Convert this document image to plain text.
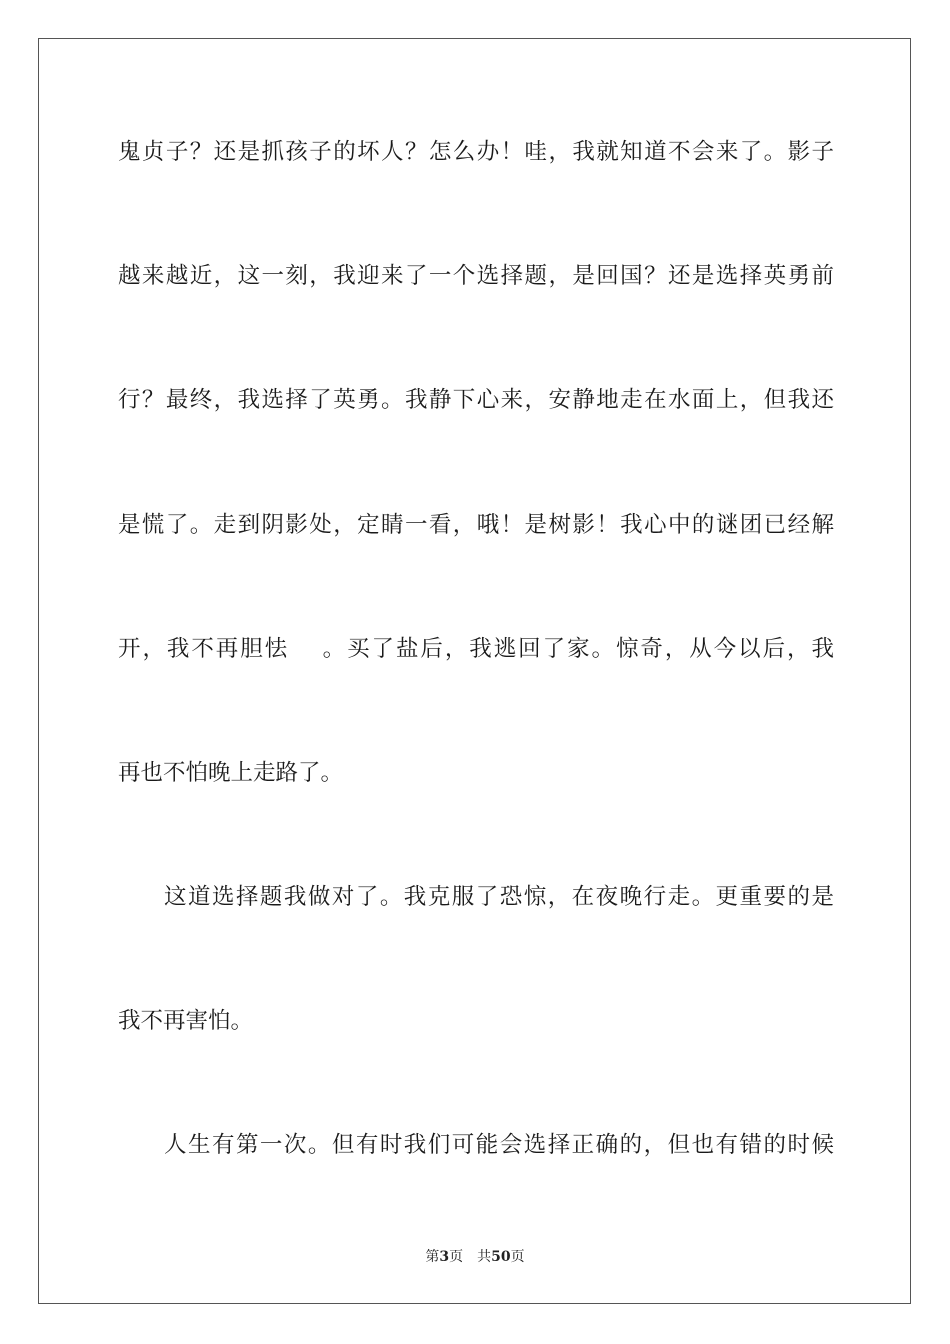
鬼贞子？还是抓孩子的坏人？怎么办！哇，我就知道不会来了。影子
越来越近，这一刻，我迎来了一个选择题，是回国？还是选择英勇前
行？最终，我选择了英勇。我静下心来，安静地走在水面上，但我还
是慌了。走到阴影处，定睛一看，哦！是树影！我心中的谜团已经解
开，我不再胆怯 　。买了盐后，我逃回了家。惊奇，从今以后，我
再也不怕晚上走路了。
这道选择题我做对了。我克服了恐惊，在夜晚行走。更重要的是
我不再害怕。
人生有第一次。但有时我们可能会选择正确的，但也有错的时候
第3页　共50页
